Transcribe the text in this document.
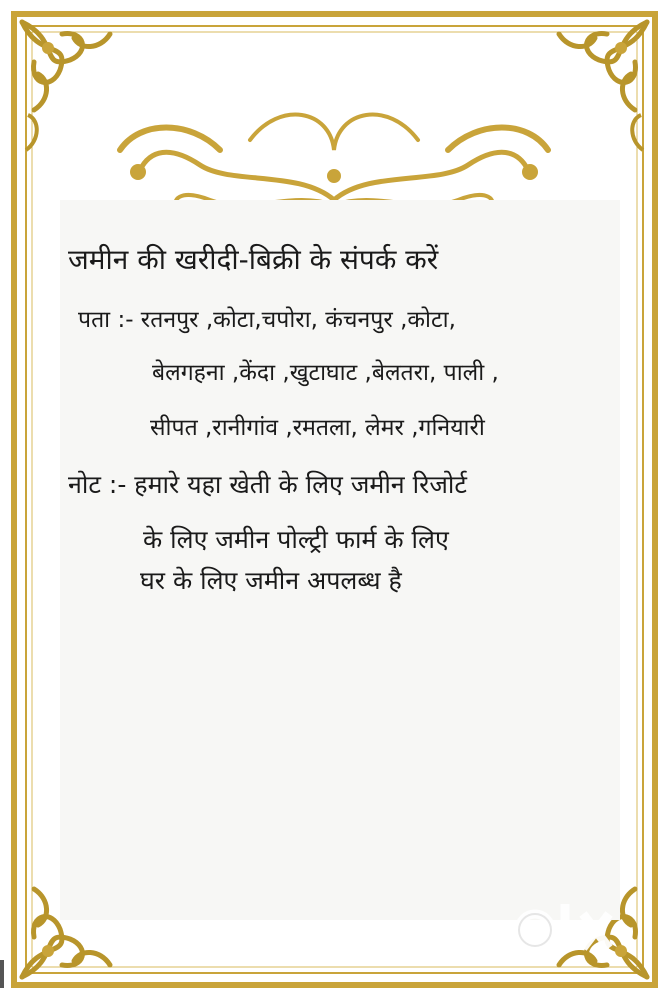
जमीन की खरीदी-बिक्री के संपर्क करें
पता :- रतनपुर ,कोटा,चपोरा, कंचनपुर ,कोटा,
बेलगहना ,केंदा ,खुटाघाट ,बेलतरा, पाली ,
सीपत ,रानीगांव ,रमतला, लेमर ,गनियारी
नोट :- हमारे यहा खेती के लिए जमीन रिजोर्ट
के लिए जमीन पोल्ट्री फार्म के लिए
घर के लिए जमीन अपलब्ध है
